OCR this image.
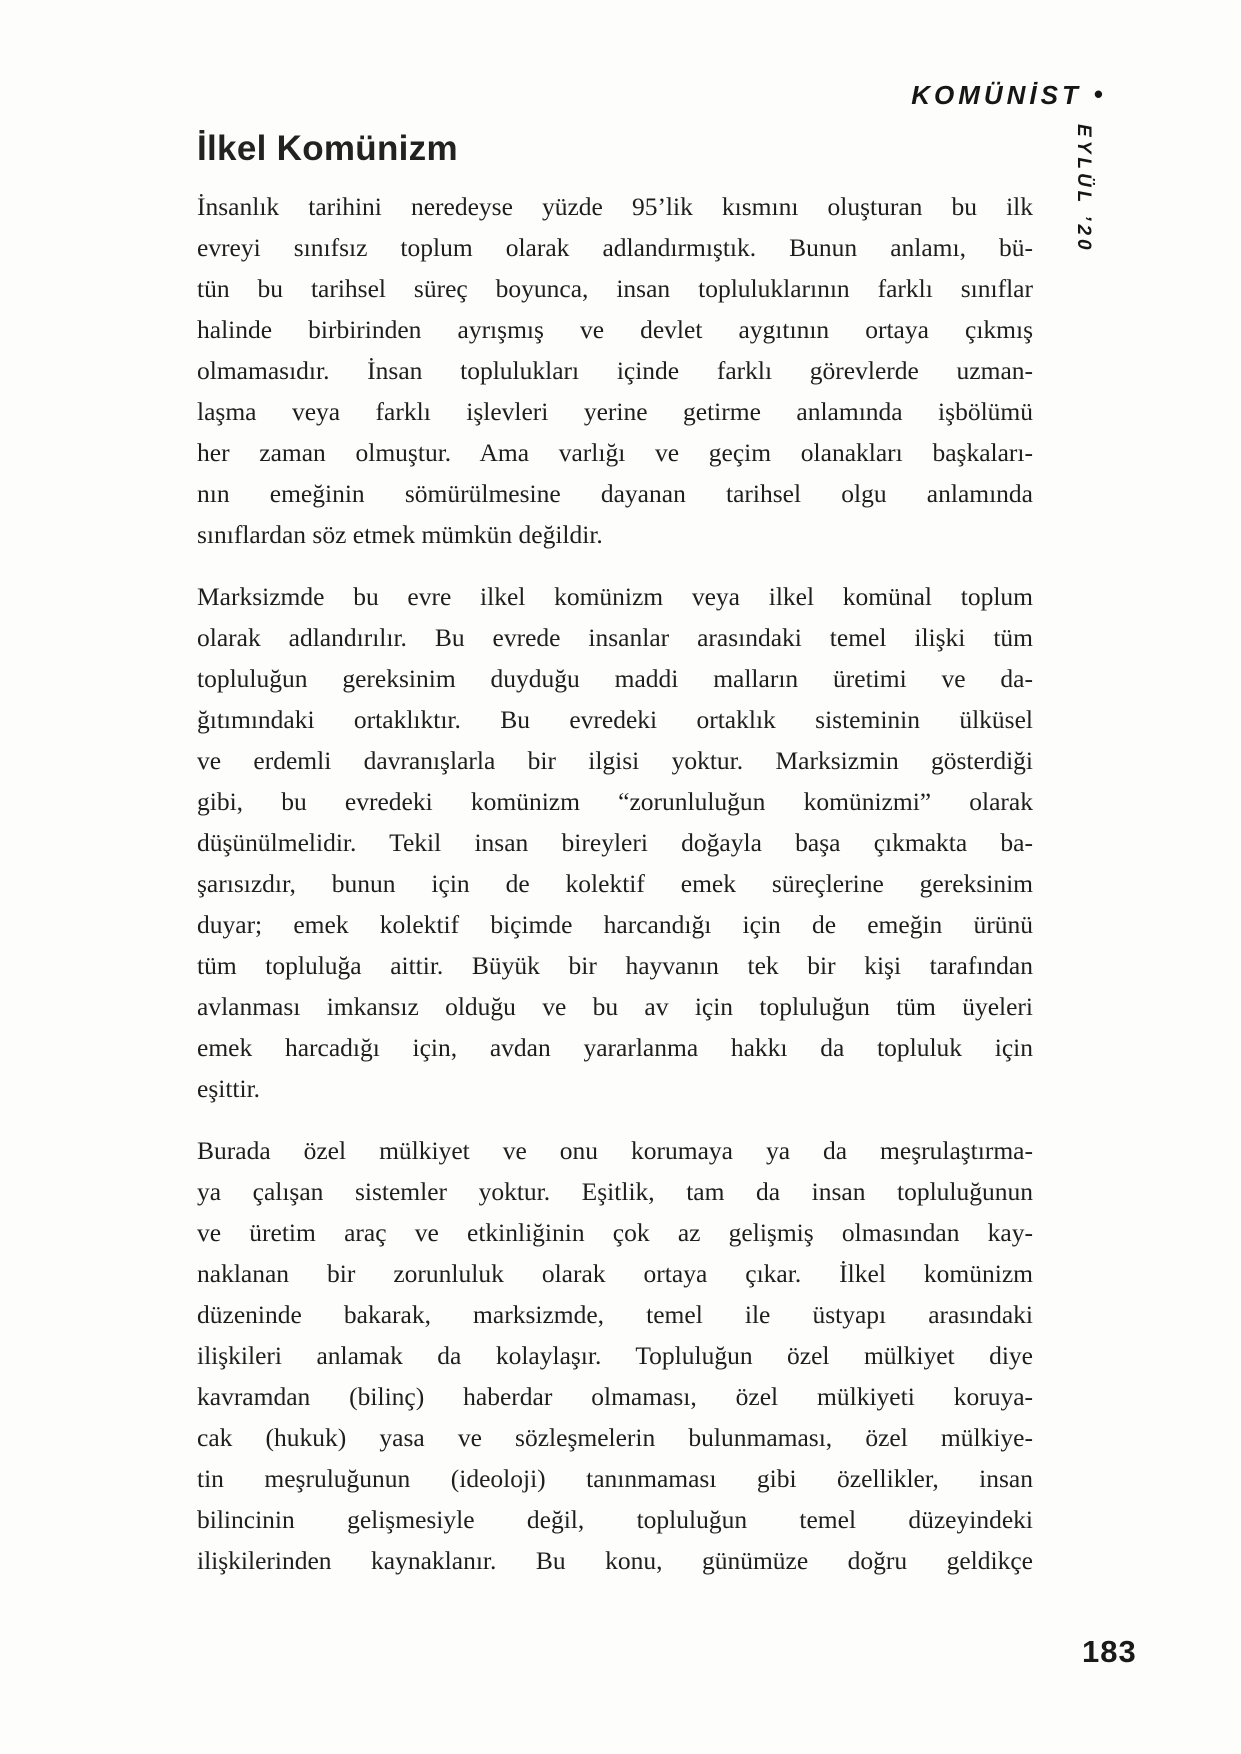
KOMÜNİST •
EYLÜL ’20
İlkel Komünizm
İnsanlık tarihini neredeyse yüzde 95’lik kısmını oluşturan bu ilk
evreyi sınıfsız toplum olarak adlandırmıştık. Bunun anlamı, bü-
tün bu tarihsel süreç boyunca, insan topluluklarının farklı sınıflar
halinde birbirinden ayrışmış ve devlet aygıtının ortaya çıkmış
olmamasıdır. İnsan toplulukları içinde farklı görevlerde uzman-
laşma veya farklı işlevleri yerine getirme anlamında işbölümü
her zaman olmuştur. Ama varlığı ve geçim olanakları başkaları-
nın emeğinin sömürülmesine dayanan tarihsel olgu anlamında
sınıflardan söz etmek mümkün değildir.
Marksizmde bu evre ilkel komünizm veya ilkel komünal toplum
olarak adlandırılır. Bu evrede insanlar arasındaki temel ilişki tüm
topluluğun gereksinim duyduğu maddi malların üretimi ve da-
ğıtımındaki ortaklıktır. Bu evredeki ortaklık sisteminin ülküsel
ve erdemli davranışlarla bir ilgisi yoktur. Marksizmin gösterdiği
gibi, bu evredeki komünizm “zorunluluğun komünizmi” olarak
düşünülmelidir. Tekil insan bireyleri doğayla başa çıkmakta ba-
şarısızdır, bunun için de kolektif emek süreçlerine gereksinim
duyar; emek kolektif biçimde harcandığı için de emeğin ürünü
tüm topluluğa aittir. Büyük bir hayvanın tek bir kişi tarafından
avlanması imkansız olduğu ve bu av için topluluğun tüm üyeleri
emek harcadığı için, avdan yararlanma hakkı da topluluk için
eşittir.
Burada özel mülkiyet ve onu korumaya ya da meşrulaştırma-
ya çalışan sistemler yoktur. Eşitlik, tam da insan topluluğunun
ve üretim araç ve etkinliğinin çok az gelişmiş olmasından kay-
naklanan bir zorunluluk olarak ortaya çıkar. İlkel komünizm
düzeninde bakarak, marksizmde, temel ile üstyapı arasındaki
ilişkileri anlamak da kolaylaşır. Topluluğun özel mülkiyet diye
kavramdan (bilinç) haberdar olmaması, özel mülkiyeti koruya-
cak (hukuk) yasa ve sözleşmelerin bulunmaması, özel mülkiye-
tin meşruluğunun (ideoloji) tanınmaması gibi özellikler, insan
bilincinin gelişmesiyle değil, topluluğun temel düzeyindeki
ilişkilerinden kaynaklanır. Bu konu, günümüze doğru geldikçe
183
